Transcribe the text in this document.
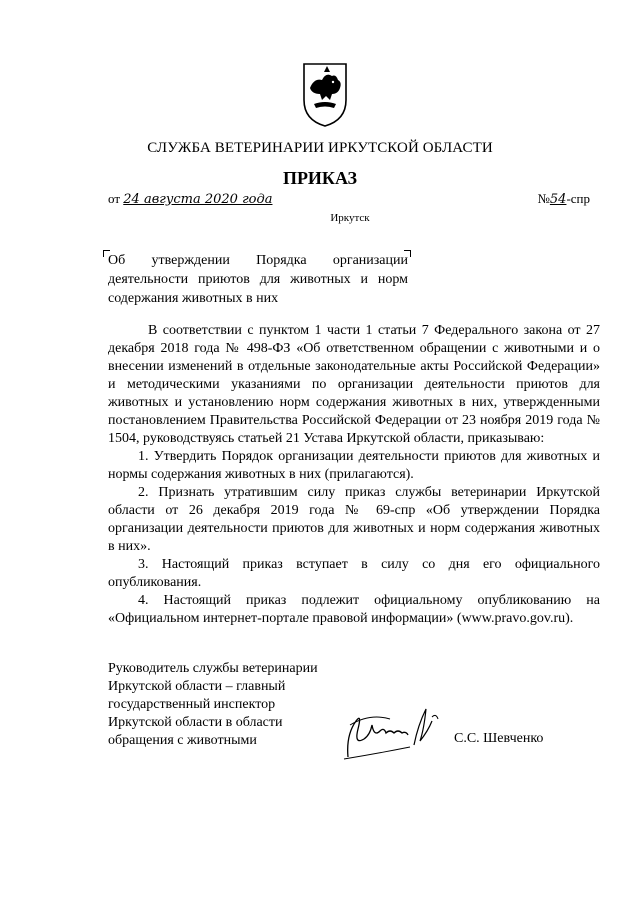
СЛУЖБА ВЕТЕРИНАРИИ ИРКУТСКОЙ ОБЛАСТИ
ПРИКАЗ
от 24 августа 2020 года	№54-спр
Иркутск
Об утверждении Порядка организации
деятельности приютов для животных и норм
содержания животных в них

В соответствии с пунктом 1 части 1 статьи 7 Федерального закона от 27 декабря 2018 года № 498-ФЗ «Об ответственном обращении с животными и о внесении изменений в отдельные законодательные акты Российской Федерации» и методическими указаниями по организации деятельности приютов для животных и установлению норм содержания животных в них, утвержденными постановлением Правительства Российской Федерации от 23 ноября 2019 года № 1504, руководствуясь статьей 21 Устава Иркутской области, приказываю:

1. Утвердить Порядок организации деятельности приютов для животных и нормы содержания животных в них (прилагаются).

2. Признать утратившим силу приказ службы ветеринарии Иркутской области от 26 декабря 2019 года № 69-спр «Об утверждении Порядка организации деятельности приютов для животных и норм содержания животных в них».

3. Настоящий приказ вступает в силу со дня его официального опубликования.

4. Настоящий приказ подлежит официальному опубликованию на «Официальном интернет-портале правовой информации» (www.pravo.gov.ru).

Руководитель службы ветеринарии
Иркутской области – главный
государственный инспектор
Иркутской области в области
обращения с животными	С.С. Шевченко
